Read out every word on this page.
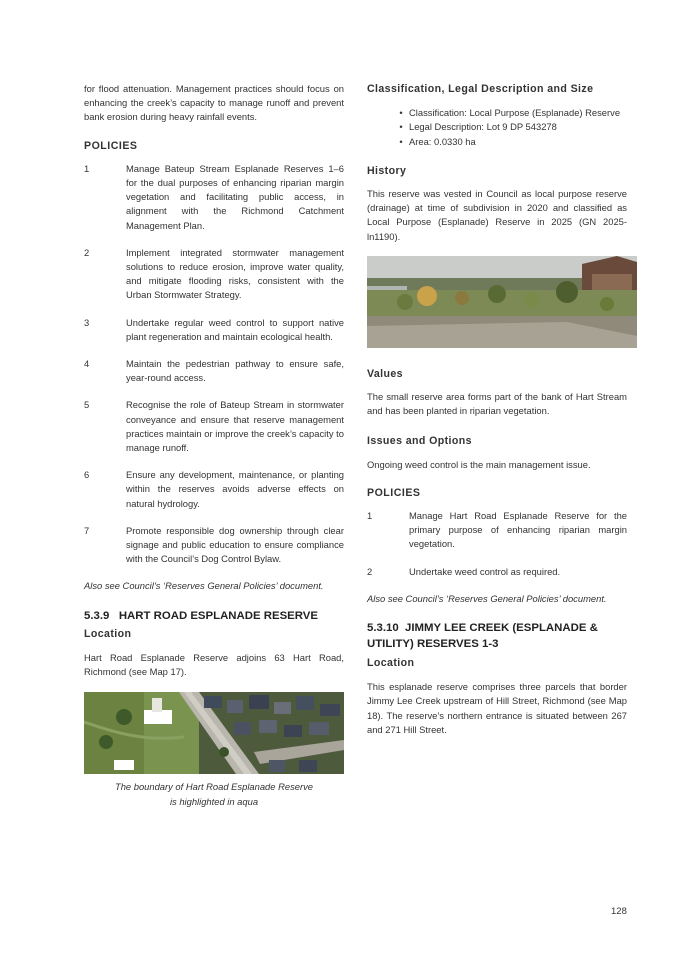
for flood attenuation. Management practices should focus on enhancing the creek’s capacity to manage runoff and prevent bank erosion during heavy rainfall events.

POLICIES
1	Manage Bateup Stream Esplanade Reserves 1–6 for the dual purposes of enhancing riparian margin vegetation and facilitating public access, in alignment with the Richmond Catchment Management Plan.
2	Implement integrated stormwater management solutions to reduce erosion, improve water quality, and mitigate flooding risks, consistent with the Urban Stormwater Strategy.
3	Undertake regular weed control to support native plant regeneration and maintain ecological health.
4	Maintain the pedestrian pathway to ensure safe, year-round access.
5	Recognise the role of Bateup Stream in stormwater conveyance and ensure that reserve management practices maintain or improve the creek’s capacity to manage runoff.
6	Ensure any development, maintenance, or planting within the reserves avoids adverse effects on natural hydrology.
7	Promote responsible dog ownership through clear signage and public education to ensure compliance with the Council’s Dog Control Bylaw.

Also see Council’s ‘Reserves General Policies’ document.

5.3.9   HART ROAD ESPLANADE RESERVE
Location

Hart Road Esplanade Reserve adjoins 63 Hart Road, Richmond (see Map 17).

The boundary of Hart Road Esplanade Reserve
is highlighted in aqua
Classification, Legal Description and Size
• Classification: Local Purpose (Esplanade) Reserve
• Legal Description: Lot 9 DP 543278
• Area: 0.0330 ha
History

This reserve was vested in Council as local purpose reserve (drainage) at time of subdivision in 2020 and classified as Local Purpose (Esplanade) Reserve in 2025 (GN 2025-ln1190).

Values

The small reserve area forms part of the bank of Hart Stream and has been planted in riparian vegetation.

Issues and Options

Ongoing weed control is the main management issue.

POLICIES
1	Manage Hart Road Esplanade Reserve for the primary purpose of enhancing riparian margin vegetation.
2	Undertake weed control as required.

Also see Council’s ‘Reserves General Policies’ document.

5.3.10  JIMMY LEE CREEK (ESPLANADE &
UTILITY) RESERVES 1-3
Location

This esplanade reserve comprises three parcels that border Jimmy Lee Creek upstream of Hill Street, Richmond (see Map 18). The reserve’s northern entrance is situated between 267 and 271 Hill Street.

128
